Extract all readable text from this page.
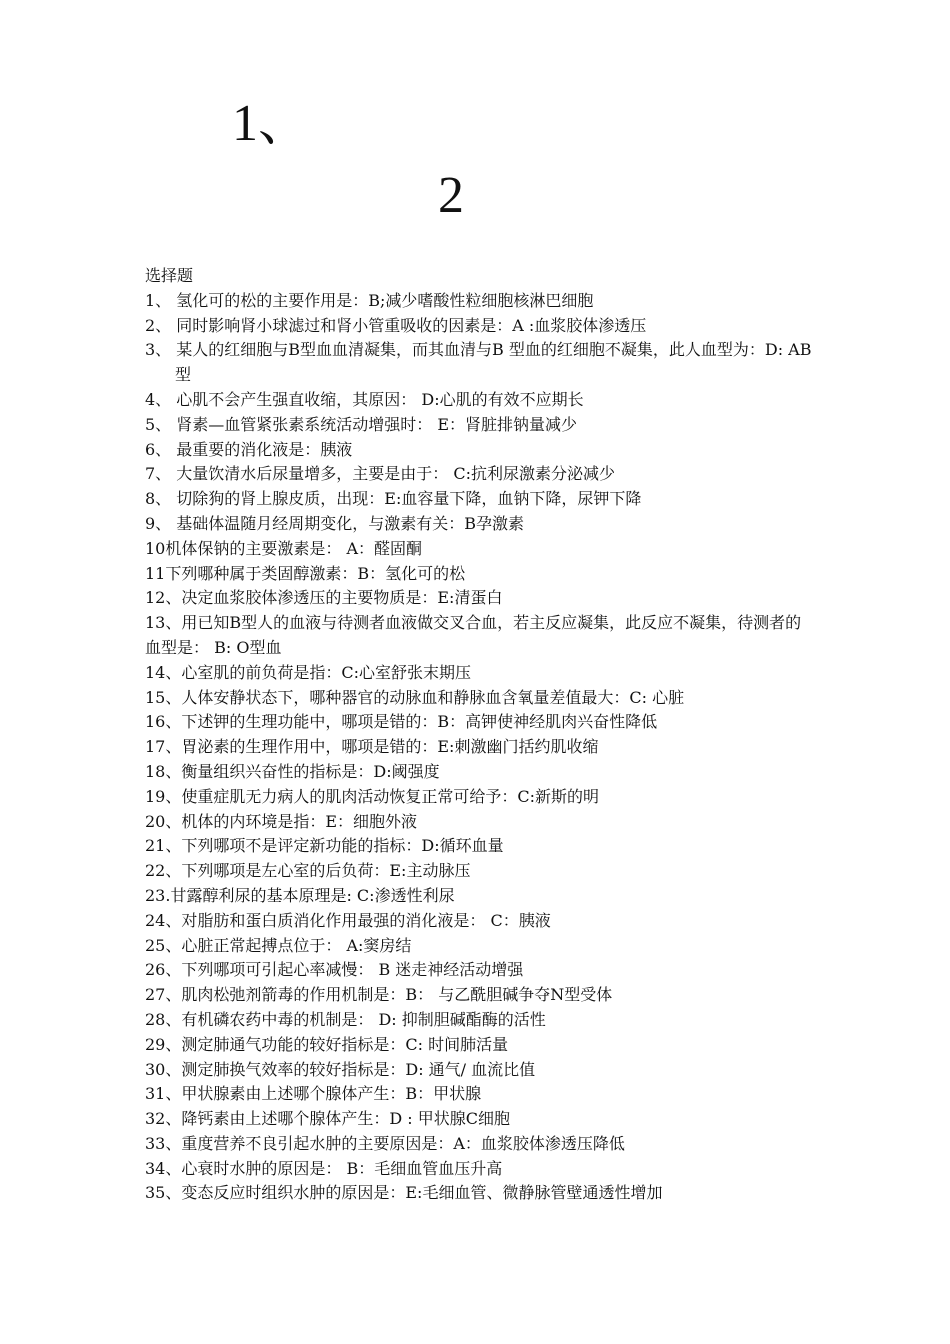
1、
2

选择题

1、 氢化可的松的主要作用是：B;减少嗜酸性粒细胞核淋巴细胞
2、 同时影响肾小球滤过和肾小管重吸收的因素是：A :血浆胶体渗透压
3、 某人的红细胞与B型血血清凝集，而其血清与B 型血的红细胞不凝集，此人血型为：D: AB型
4、 心肌不会产生强直收缩，其原因： D:心肌的有效不应期长
5、 肾素—血管紧张素系统活动增强时： E：肾脏排钠量减少
6、 最重要的消化液是：胰液
7、 大量饮清水后尿量增多，主要是由于： C:抗利尿激素分泌减少
8、 切除狗的肾上腺皮质，出现：E:血容量下降，血钠下降，尿钾下降
9、 基础体温随月经周期变化，与激素有关：B孕激素
10机体保钠的主要激素是： A：醛固酮
11下列哪种属于类固醇激素：B：氢化可的松
12、决定血浆胶体渗透压的主要物质是：E:清蛋白
13、用已知B型人的血液与待测者血液做交叉合血，若主反应凝集，此反应不凝集，待测者的血型是： B: O型血
14、心室肌的前负荷是指：C:心室舒张末期压
15、人体安静状态下，哪种器官的动脉血和静脉血含氧量差值最大：C: 心脏
16、下述钾的生理功能中，哪项是错的：B：高钾使神经肌肉兴奋性降低
17、胃泌素的生理作用中，哪项是错的：E:刺激幽门括约肌收缩
18、衡量组织兴奋性的指标是：D:阈强度
19、使重症肌无力病人的肌肉活动恢复正常可给予：C:新斯的明
20、机体的内环境是指：E：细胞外液
21、下列哪项不是评定新功能的指标：D:循环血量
22、下列哪项是左心室的后负荷：E:主动脉压
23.甘露醇利尿的基本原理是: C:渗透性利尿
24、对脂肪和蛋白质消化作用最强的消化液是： C：胰液
25、心脏正常起搏点位于： A:窦房结
26、下列哪项可引起心率减慢： B 迷走神经活动增强
27、肌肉松弛剂箭毒的作用机制是：B： 与乙酰胆碱争夺N型受体
28、有机磷农药中毒的机制是： D: 抑制胆碱酯酶的活性
29、测定肺通气功能的较好指标是：C: 时间肺活量
30、测定肺换气效率的较好指标是：D: 通气/ 血流比值
31、甲状腺素由上述哪个腺体产生：B：甲状腺
32、降钙素由上述哪个腺体产生：D : 甲状腺C细胞
33、重度营养不良引起水肿的主要原因是：A：血浆胶体渗透压降低
34、心衰时水肿的原因是： B：毛细血管血压升高
35、变态反应时组织水肿的原因是：E:毛细血管、微静脉管壁通透性增加
